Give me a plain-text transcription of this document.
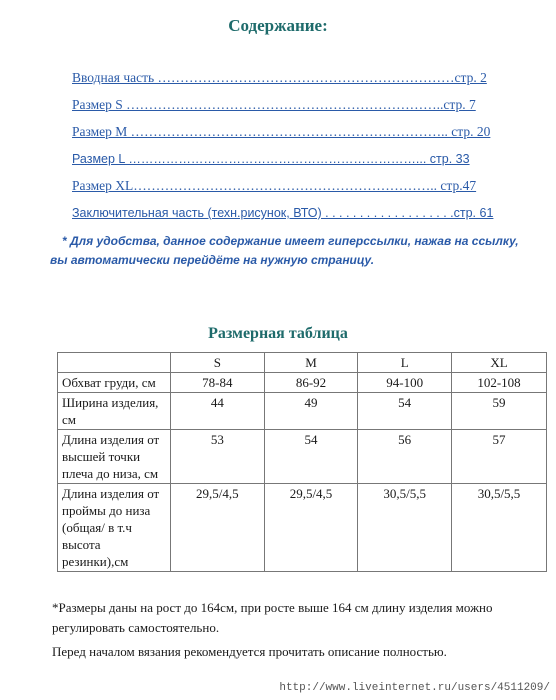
Содержание:
Вводная часть …………………………………………………………стр. 2
Размер S ……………………………………………………………..стр. 7
Размер M …………………………………………………………….. стр. 20
Размер L ……………………………………………………………... стр. 33
Размер XL………………………………………………………….. стр.47
Заключительная часть (техн.рисунок, ВТО) . . . . . . . . . . . . . . . . . . .стр. 61

* Для удобства, данное содержание имеет гиперссылки, нажав на ссылку, вы автоматически перейдёте на нужную страницу.

Размерная таблица
	S	M	L	XL
Обхват груди, см	78-84	86-92	94-100	102-108
Ширина изделия, см	44	49	54	59
Длина изделия от высшей точки плеча до низа, см	53	54	56	57
Длина изделия от проймы до низа (общая/ в т.ч высота резинки),см	29,5/4,5	29,5/4,5	30,5/5,5	30,5/5,5

*Размеры даны на рост до 164см, при росте выше 164 см длину изделия можно регулировать самостоятельно.

Перед началом вязания рекомендуется прочитать описание полностью.

http://www.liveinternet.ru/users/4511209/
